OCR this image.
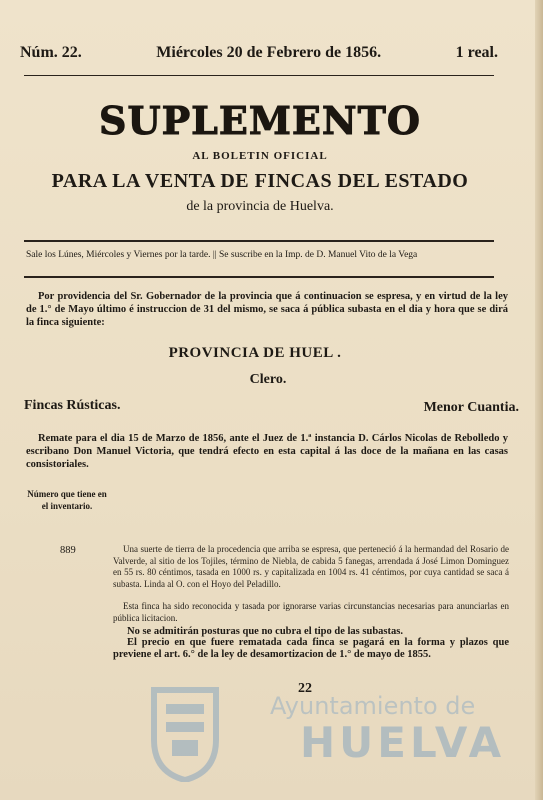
Núm. 22.	Miércoles 20 de Febrero de 1856.	1 real.
SUPLEMENTO
AL BOLETIN OFICIAL
PARA LA VENTA DE FINCAS DEL ESTADO
de la provincia de Huelva.
Sale los Lúnes, Miércoles y Viernes por la tarde. || Se suscribe en la Imp. de D. Manuel Vito de la Vega
Por providencia del Sr. Gobernador de la provincia que á continuacion se espresa, y en virtud de la ley de 1.° de Mayo último é instruccion de 31 del mismo, se saca á pública subasta en el dia y hora que se dirá la finca siguiente:
PROVINCIA DE HUEL .
Clero.
Fincas Rústicas.	Menor Cuantia.
Remate para el dia 15 de Marzo de 1856, ante el Juez de 1.ª instancia D. Cárlos Nicolas de Rebolledo y escribano Don Manuel Victoria, que tendrá efecto en esta capital á las doce de la mañana en las casas consistoriales.
Número que tiene en el inventario.
889	Una suerte de tierra de la procedencia que arriba se espresa, que perteneció á la hermandad del Rosario de Valverde, al sitio de los Tojiles, término de Niebla, de cabida 5 fanegas, arrendada á José Limon Dominguez en 55 rs. 80 céntimos, tasada en 1000 rs. y capitalizada en 1004 rs. 41 céntimos, por cuya cantidad se saca á subasta. Linda al O. con el Hoyo del Peladillo.
Esta finca ha sido reconocida y tasada por ignorarse varias circunstancias necesarias para anunciarlas en pública licitacion.
No se admitirán posturas que no cubra el tipo de las subastas.
El precio en que fuere rematada cada finca se pagará en la forma y plazos que previene el art. 6.° de la ley de desamortizacion de 1.° de mayo de 1855.
Ayuntamiento de
HUELVA
22
